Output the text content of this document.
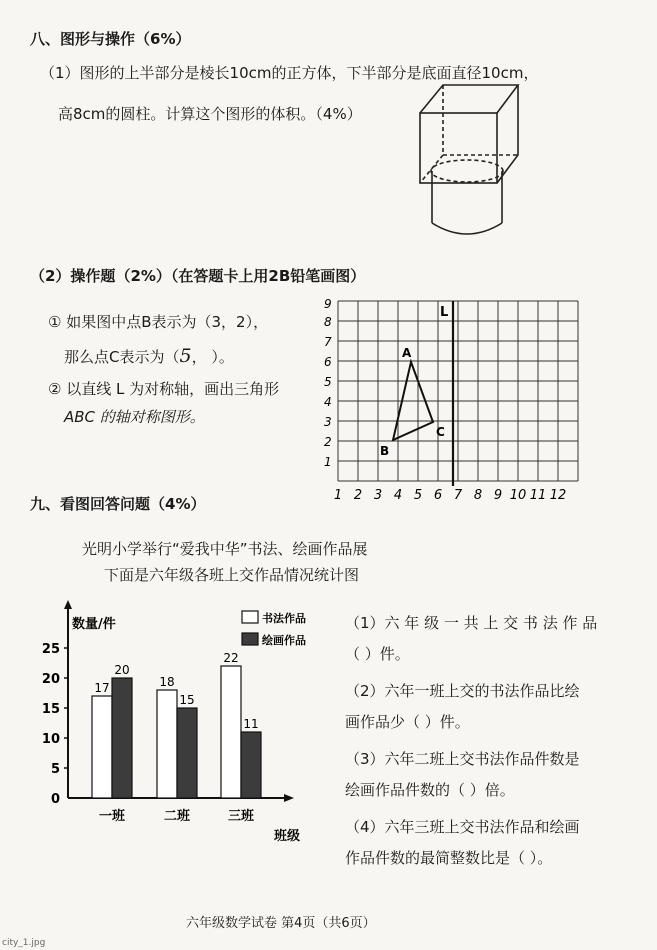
八、图形与操作（6%）
（1）图形的上半部分是棱长10cm的正方体，下半部分是底面直径10cm，
高8cm的圆柱。计算这个图形的体积。（4%）
（2）操作题（2%）（在答题卡上用2B铅笔画图）
① 如果图中点B表示为（3，2），
那么点C表示为（5， ）。
② 以直线 L 为对称轴，画出三角形
ABC 的轴对称图形。
L
A
B
C
1
2
3
4
5
6
7
8
9
1 2 3 4 5 6 7 8 9 10 11 12
九、看图回答问题（4%）
光明小学举行“爱我中华”书法、绘画作品展
下面是六年级各班上交作品情况统计图
数量/件
0
5
10
15
20
25
书法作品
绘画作品
17
20
一班
18
15
二班
22
11
三班
班级
（1）六 年 级 一 共 上 交 书 法 作 品
（ ）件。
（2）六年一班上交的书法作品比绘
画作品少（ ）件。
（3）六年二班上交书法作品件数是
绘画作品件数的（ ）倍。
（4）六年三班上交书法作品和绘画
作品件数的最简整数比是（ ）。
六年级数学试卷 第4页（共6页）
city_1.jpg
